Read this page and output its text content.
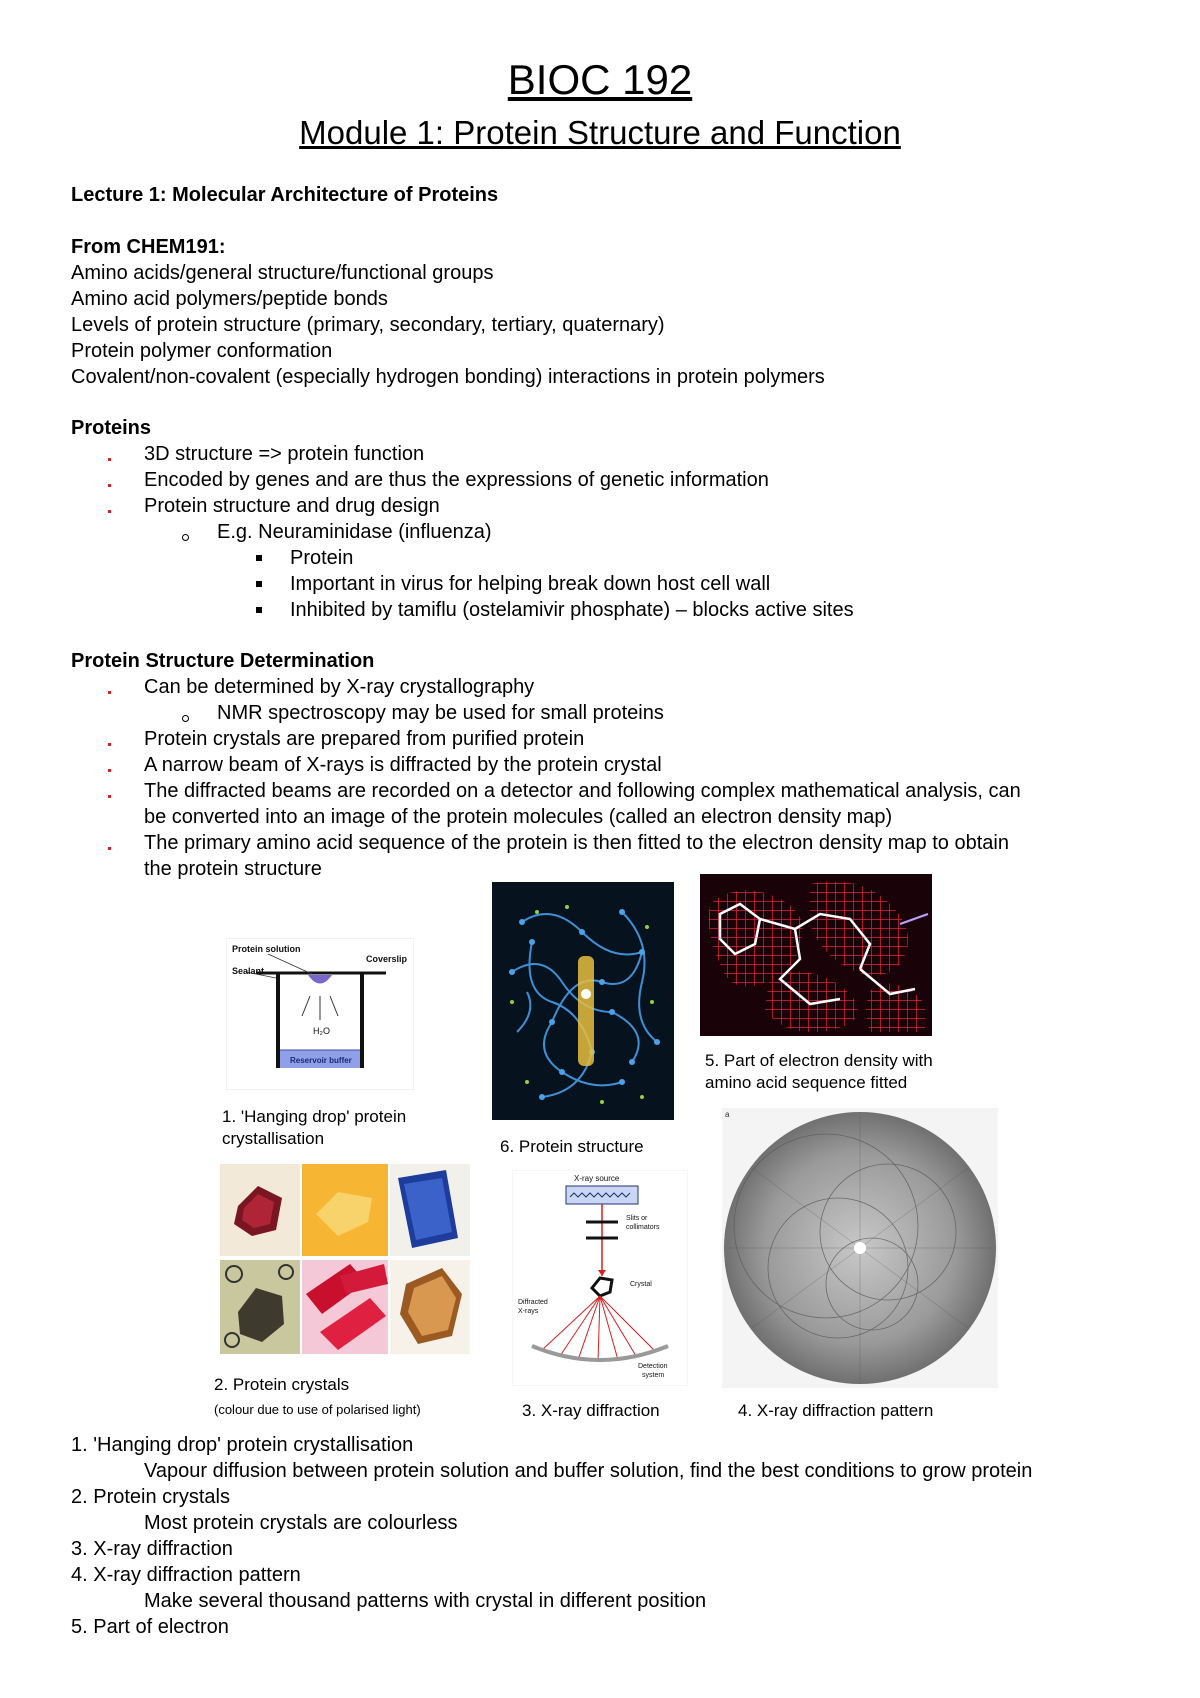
BIOC 192
Module 1: Protein Structure and Function
Lecture 1: Molecular Architecture of Proteins
From CHEM191:
Amino acids/general structure/functional groups
Amino acid polymers/peptide bonds
Levels of protein structure (primary, secondary, tertiary, quaternary)
Protein polymer conformation
Covalent/non-covalent (especially hydrogen bonding) interactions in protein polymers
Proteins
3D structure => protein function
Encoded by genes and are thus the expressions of genetic information
Protein structure and drug design
E.g. Neuraminidase (influenza)
Protein
Important in virus for helping break down host cell wall
Inhibited by tamiflu (ostelamivir phosphate) – blocks active sites
Protein Structure Determination
Can be determined by X-ray crystallography
NMR spectroscopy may be used for small proteins
Protein crystals are prepared from purified protein
A narrow beam of X-rays is diffracted by the protein crystal
The diffracted beams are recorded on a detector and following complex mathematical analysis, can
be converted into an image of the protein molecules (called an electron density map)
The primary amino acid sequence of the protein is then fitted to the electron density map to obtain
the protein structure
Protein solution
Coverslip
Sealant
H₂O
Reservoir buffer
1. 'Hanging drop' protein
crystallisation	6. Protein structure
5. Part of electron density with
amino acid sequence fitted
2. Protein crystals
(colour due to use of polarised light)
X-ray source
Slits or
collimators
Crystal
Diffracted
X-rays
Detection
system
3. X-ray diffraction
a
4. X-ray diffraction pattern
1. 'Hanging drop' protein crystallisation
Vapour diffusion between protein solution and buffer solution, find the best conditions to grow protein
2. Protein crystals
Most protein crystals are colourless
3. X-ray diffraction
4. X-ray diffraction pattern
Make several thousand patterns with crystal in different position
5. Part of electron
